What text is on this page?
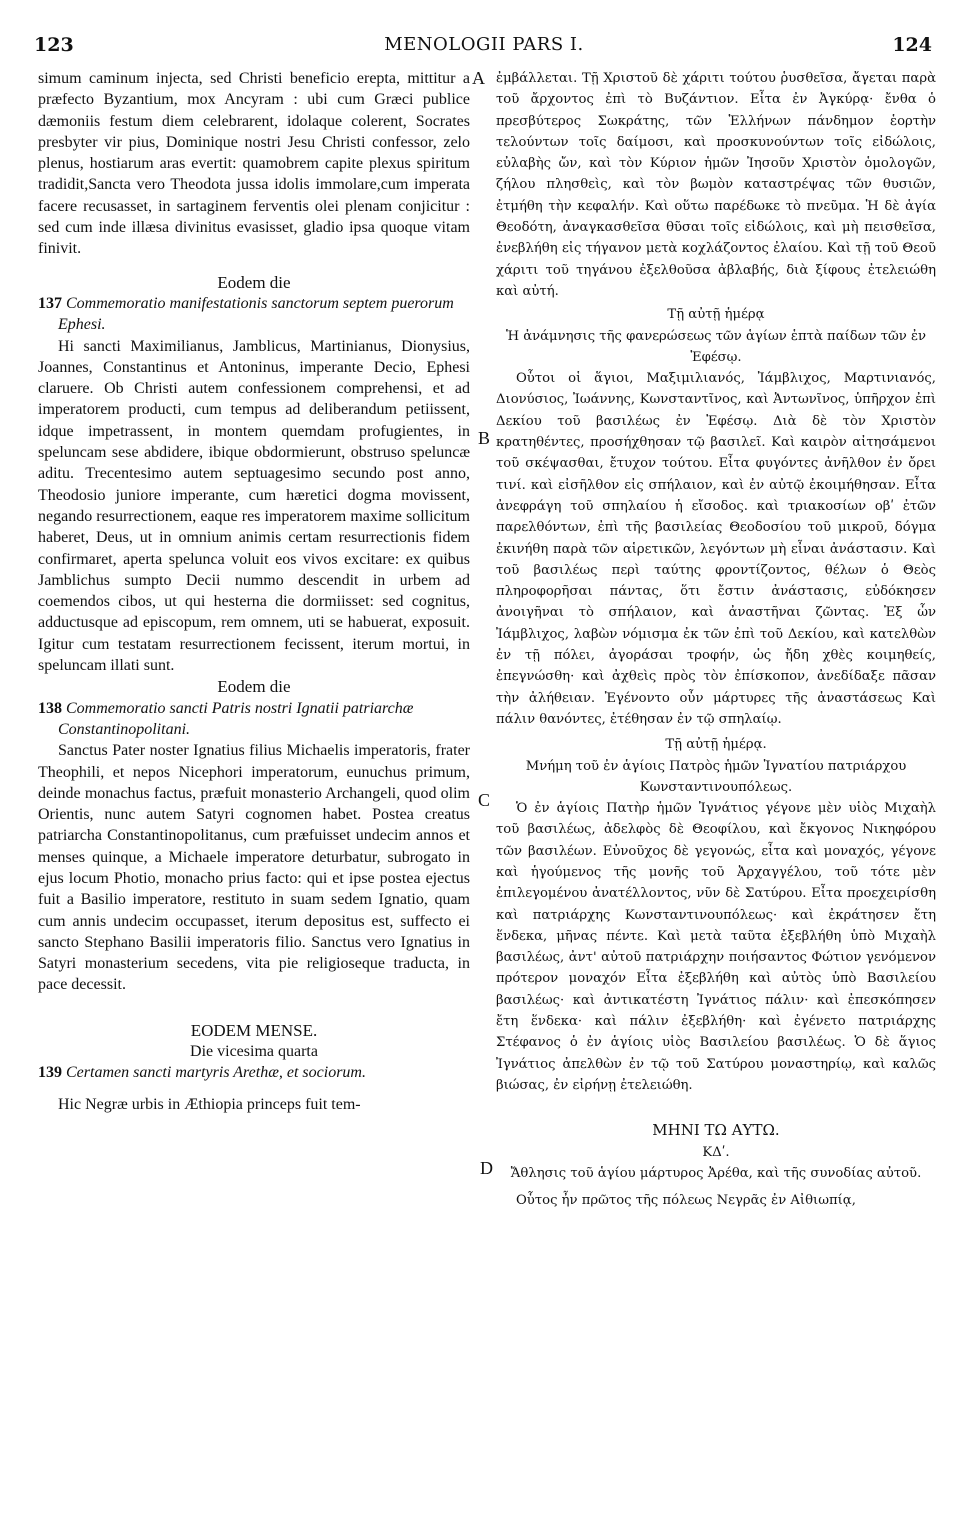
123	MENOLOGII PARS I.	124
A
B
C
D

simum caminum injecta, sed Christi beneficio erepta, mittitur a præfecto Byzantium, mox Ancyram : ubi cum Græci publice dæmoniis festum diem celebrarent, idolaque colerent, Socrates presbyter vir pius, Dominique nostri Jesu Christi confessor, zelo plenus, hostiarum aras evertit: quamobrem capite plexus spiritum tradidit,Sancta vero Theodota jussa idolis immolare,cum imperata facere recusasset, in sartaginem ferventis olei plenam conjicitur : sed cum inde illæsa divinitus evasisset, gladio ipsa quoque vitam finivit.

Eodem die

137 Commemoratio manifestationis sanctorum septem puerorum Ephesi.

Hi sancti Maximilianus, Jamblicus, Martinianus, Dionysius, Joannes, Constantinus et Antoninus, imperante Decio, Ephesi claruere. Ob Christi autem confessionem comprehensi, et ad imperatorem producti, cum tempus ad deliberandum petiissent, idque impetrassent, in montem quemdam profugientes, in speluncam sese abdidere, ibique obdormierunt, obstruso speluncæ aditu. Trecentesimo autem septuagesimo secundo post anno, Theodosio juniore imperante, cum hæretici dogma movissent, negando resurrectionem, eaque res imperatorem maxime sollicitum haberet, Deus, ut in omnium animis certam resurrectionis fidem confirmaret, aperta spelunca voluit eos vivos excitare: ex quibus Jamblichus sumpto Decii nummo descendit in urbem ad coemendos cibos, ut qui hesterna die dormiisset: sed cognitus, adductusque ad episcopum, rem omnem, uti se habuerat, exposuit. Igitur cum testatam resurrectionem fecissent, iterum mortui, in speluncam illati sunt.

Eodem die

138 Commemoratio sancti Patris nostri Ignatii patriarchæ Constantinopolitani.

Sanctus Pater noster Ignatius filius Michaelis imperatoris, frater Theophili, et nepos Nicephori imperatorum, eunuchus primum, deinde monachus factus, præfuit monasterio Archangeli, quod olim Orientis, nunc autem Satyri cognomen habet. Postea creatus patriarcha Constantinopolitanus, cum præfuisset undecim annos et menses quinque, a Michaele imperatore deturbatur, subrogato in ejus locum Photio, monacho prius facto: qui et ipse postea ejectus fuit a Basilio imperatore, restituto in suam sedem Ignatio, quam cum annis undecim occupasset, iterum depositus est, suffecto ei sancto Stephano Basilii imperatoris filio. Sanctus vero Ignatius in Satyri monasterium secedens, vita pie religioseque traducta, in pace decessit.

EODEM MENSE.

Die vicesima quarta

139 Certamen sancti martyris Arethæ, et sociorum.

Hic Negræ urbis in Æthiopia princeps fuit tem-

ἐμβάλλεται. Τῇ Χριστοῦ δὲ χάριτι τούτου ῥυσθεῖσα, ἄγεται παρὰ τοῦ ἄρχοντος ἐπὶ τὸ Βυζάντιον. Εἶτα ἐν Ἀγκύρᾳ· ἔνθα ὁ πρεσβύτερος Σωκράτης, τῶν Ἑλλήνων πάνδημον ἑορτὴν τελούντων τοῖς δαίμοσι, καὶ προσκυνούντων τοῖς εἰδώλοις, εὐλαβὴς ὤν, καὶ τὸν Κύριον ἡμῶν Ἰησοῦν Χριστὸν ὁμολογῶν, ζήλου πλησθεὶς, καὶ τὸν βωμὸν καταστρέψας τῶν θυσιῶν, ἐτμήθη τὴν κεφαλήν. Καὶ οὕτω παρέδωκε τὸ πνεῦμα. Ἡ δὲ ἁγία Θεοδότη, ἀναγκασθεῖσα θῦσαι τοῖς εἰδώλοις, καὶ μὴ πεισθεῖσα, ἐνεβλήθη εἰς τήγανον μετὰ κοχλάζοντος ἐλαίου. Καὶ τῇ τοῦ Θεοῦ χάριτι τοῦ τηγάνου ἐξελθοῦσα ἀβλαβής, διὰ ξίφους ἐτελειώθη καὶ αὐτή.

Τῇ αὐτῇ ἡμέρᾳ

Ἡ ἀνάμνησις τῆς φανερώσεως τῶν ἁγίων ἑπτὰ παίδων τῶν ἐν Ἐφέσῳ.

Οὗτοι οἱ ἅγιοι, Μαξιμιλιανός, Ἰάμβλιχος, Μαρτινιανός, Διονύσιος, Ἰωάννης, Κωνσταντῖνος, καὶ Ἀντωνῖνος, ὑπῆρχον ἐπὶ Δεκίου τοῦ βασιλέως ἐν Ἐφέσῳ. Διὰ δὲ τὸν Χριστὸν κρατηθέντες, προσήχθησαν τῷ βασιλεῖ. Καὶ καιρὸν αἰτησάμενοι τοῦ σκέψασθαι, ἔτυχον τούτου. Εἶτα φυγόντες ἀνῆλθον ἐν ὄρει τινί. καὶ εἰσῆλθον εἰς σπήλαιον, καὶ ἐν αὐτῷ ἐκοιμήθησαν. Εἶτα ἀνεφράγη τοῦ σπηλαίου ἡ εἴσοδος. καὶ τριακοσίων οβʹ ἐτῶν παρελθόντων, ἐπὶ τῆς βασιλείας Θεοδοσίου τοῦ μικροῦ, δόγμα ἐκινήθη παρὰ τῶν αἱρετικῶν, λεγόντων μὴ εἶναι ἀνάστασιν. Καὶ τοῦ βασιλέως περὶ ταύτης φροντίζοντος, θέλων ὁ Θεὸς πληροφορῆσαι πάντας, ὅτι ἔστιν ἀνάστασις, εὐδόκησεν ἀνοιγῆναι τὸ σπήλαιον, καὶ ἀναστῆναι ζῶντας. Ἐξ ὧν Ἰάμβλιχος, λαβὼν νόμισμα ἐκ τῶν ἐπὶ τοῦ Δεκίου, καὶ κατελθὼν ἐν τῇ πόλει, ἀγοράσαι τροφήν, ὡς ἤδη χθὲς κοιμηθείς, ἐπεγνώσθη· καὶ ἀχθεὶς πρὸς τὸν ἐπίσκοπον, ἀνεδίδαξε πᾶσαν τὴν ἀλήθειαν. Ἐγένοντο οὖν μάρτυρες τῆς ἀναστάσεως Καὶ πάλιν θανόντες, ἐτέθησαν ἐν τῷ σπηλαίῳ.

Τῇ αὐτῇ ἡμέρᾳ.

Μνήμη τοῦ ἐν ἁγίοις Πατρὸς ἡμῶν Ἰγνατίου πατριάρχου Κωνσταντινουπόλεως.

Ὁ ἐν ἁγίοις Πατὴρ ἡμῶν Ἰγνάτιος γέγονε μὲν υἱὸς Μιχαὴλ τοῦ βασιλέως, ἀδελφὸς δὲ Θεοφίλου, καὶ ἔκγονος Νικηφόρου τῶν βασιλέων. Εὐνοῦχος δὲ γεγονώς, εἶτα καὶ μοναχός, γέγονε καὶ ἡγούμενος τῆς μονῆς τοῦ Ἀρχαγγέλου, τοῦ τότε μὲν ἐπιλεγομένου ἀνατέλλοντος, νῦν δὲ Σατύρου. Εἶτα προεχειρίσθη καὶ πατριάρχης Κωνσταντινουπόλεως· καὶ ἐκράτησεν ἔτη ἕνδεκα, μῆνας πέντε. Καὶ μετὰ ταῦτα ἐξεβλήθη ὑπὸ Μιχαὴλ βασιλέως, ἀντ' αὐτοῦ πατριάρχην ποιήσαντος Φώτιον γενόμενον πρότερον μοναχόν Εἶτα ἐξεβλήθη καὶ αὐτὸς ὑπὸ Βασιλείου βασιλέως· καὶ ἀντικατέστη Ἰγνάτιος πάλιν· καὶ ἐπεσκόπησεν ἔτη ἕνδεκα· καὶ πάλιν ἐξεβλήθη· καὶ ἐγένετο πατριάρχης Στέφανος ὁ ἐν ἁγίοις υἱὸς Βασιλείου βασιλέως. Ὁ δὲ ἅγιος Ἰγνάτιος ἀπελθὼν ἐν τῷ τοῦ Σατύρου μοναστηρίῳ, καὶ καλῶς βιώσας, ἐν εἰρήνῃ ἐτελειώθη.

ΜΗΝΙ ΤΩ ΑΥΤΩ.

ΚΔʹ.

Ἄθλησις τοῦ ἁγίου μάρτυρος Ἀρέθα, καὶ τῆς συνοδίας αὐτοῦ.

Οὗτος ἦν πρῶτος τῆς πόλεως Νεγρᾶς ἐν Αἰθιωπίᾳ,
